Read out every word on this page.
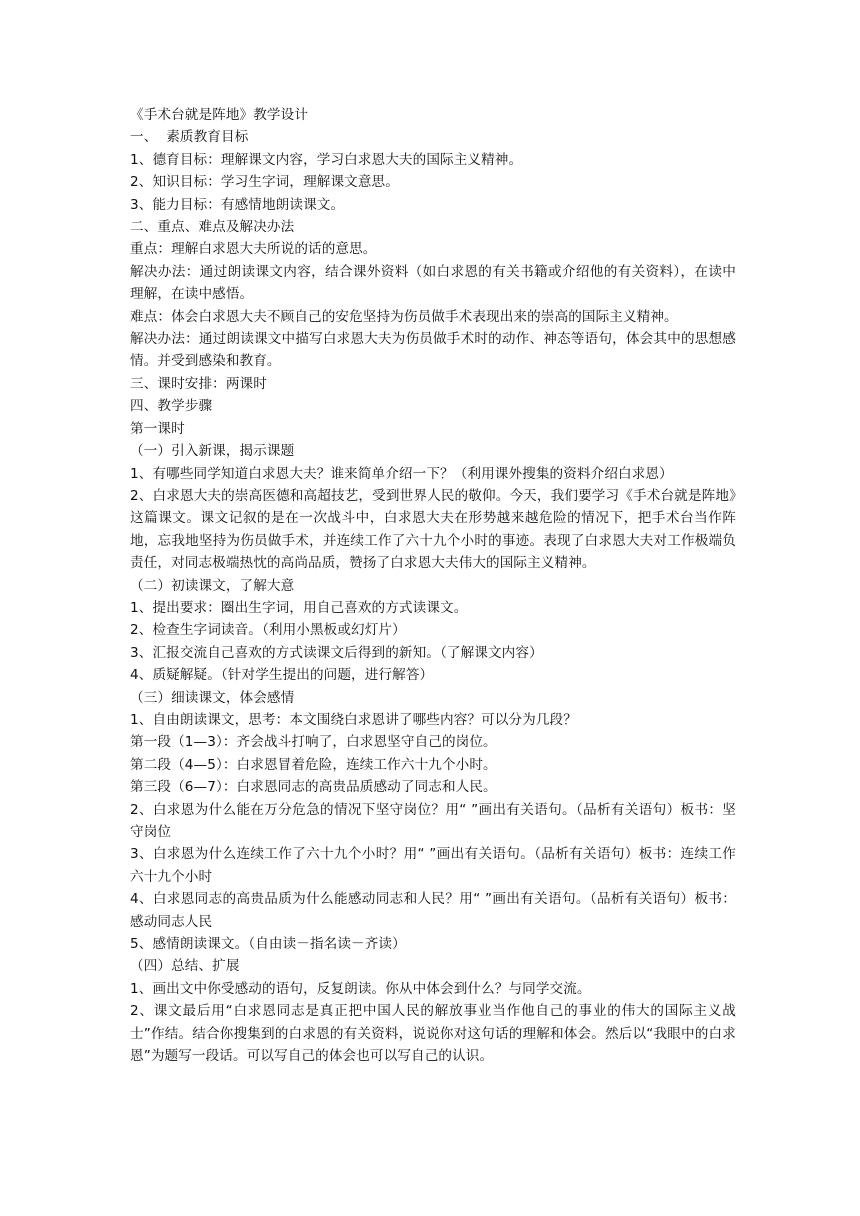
《手术台就是阵地》教学设计

一、  素质教育目标

1、德育目标：理解课文内容，学习白求恩大夫的国际主义精神。

2、知识目标：学习生字词，理解课文意思。

3、能力目标：有感情地朗读课文。

二、重点、难点及解决办法

重点：理解白求恩大夫所说的话的意思。

解决办法：通过朗读课文内容，结合课外资料（如白求恩的有关书籍或介绍他的有关资料），在读中理解，在读中感悟。

难点：体会白求恩大夫不顾自己的安危坚持为伤员做手术表现出来的崇高的国际主义精神。

解决办法：通过朗读课文中描写白求恩大夫为伤员做手术时的动作、神态等语句，体会其中的思想感情。并受到感染和教育。

三、课时安排：两课时

四、教学步骤

第一课时

（一）引入新课，揭示课题

1、有哪些同学知道白求恩大夫？谁来简单介绍一下？（利用课外搜集的资料介绍白求恩）

2、白求恩大夫的崇高医德和高超技艺，受到世界人民的敬仰。今天，我们要学习《手术台就是阵地》这篇课文。课文记叙的是在一次战斗中，白求恩大夫在形势越来越危险的情况下，把手术台当作阵地，忘我地坚持为伤员做手术，并连续工作了六十九个小时的事迹。表现了白求恩大夫对工作极端负责任，对同志极端热忱的高尚品质，赞扬了白求恩大夫伟大的国际主义精神。

（二）初读课文，了解大意

1、提出要求：圈出生字词，用自己喜欢的方式读课文。

2、检查生字词读音。（利用小黑板或幻灯片）

3、汇报交流自己喜欢的方式读课文后得到的新知。（了解课文内容）

4、质疑解疑。（针对学生提出的问题，进行解答）

（三）细读课文，体会感情

1、自由朗读课文，思考：本文围绕白求恩讲了哪些内容？可以分为几段？

第一段（1—3）：齐会战斗打响了，白求恩坚守自己的岗位。

第二段（4—5）：白求恩冒着危险，连续工作六十九个小时。

第三段（6—7）：白求恩同志的高贵品质感动了同志和人民。

2、白求恩为什么能在万分危急的情况下坚守岗位？用“ ”画出有关语句。（品析有关语句）板书：坚守岗位

3、白求恩为什么连续工作了六十九个小时？用“ ”画出有关语句。（品析有关语句）板书：连续工作六十九个小时

4、白求恩同志的高贵品质为什么能感动同志和人民？用“ ”画出有关语句。（品析有关语句）板书：感动同志人民

5、感情朗读课文。（自由读－指名读－齐读）

（四）总结、扩展

1、画出文中你受感动的语句，反复朗读。你从中体会到什么？与同学交流。

2、课文最后用“白求恩同志是真正把中国人民的解放事业当作他自己的事业的伟大的国际主义战士”作结。结合你搜集到的白求恩的有关资料，说说你对这句话的理解和体会。然后以“我眼中的白求恩”为题写一段话。可以写自己的体会也可以写自己的认识。
